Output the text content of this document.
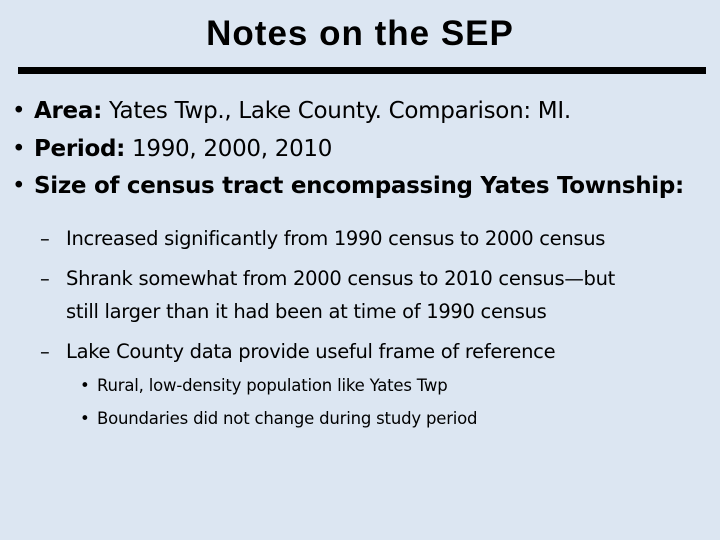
Notes on the SEP
• Area: Yates Twp., Lake County. Comparison: MI.
• Period: 1990, 2000, 2010
• Size of census tract encompassing Yates Township:
– Increased significantly from 1990 census to 2000 census
– Shrank somewhat from 2000 census to 2010 census—but
still larger than it had been at time of 1990 census
– Lake County data provide useful frame of reference
• Rural, low-density population like Yates Twp
• Boundaries did not change during study period
